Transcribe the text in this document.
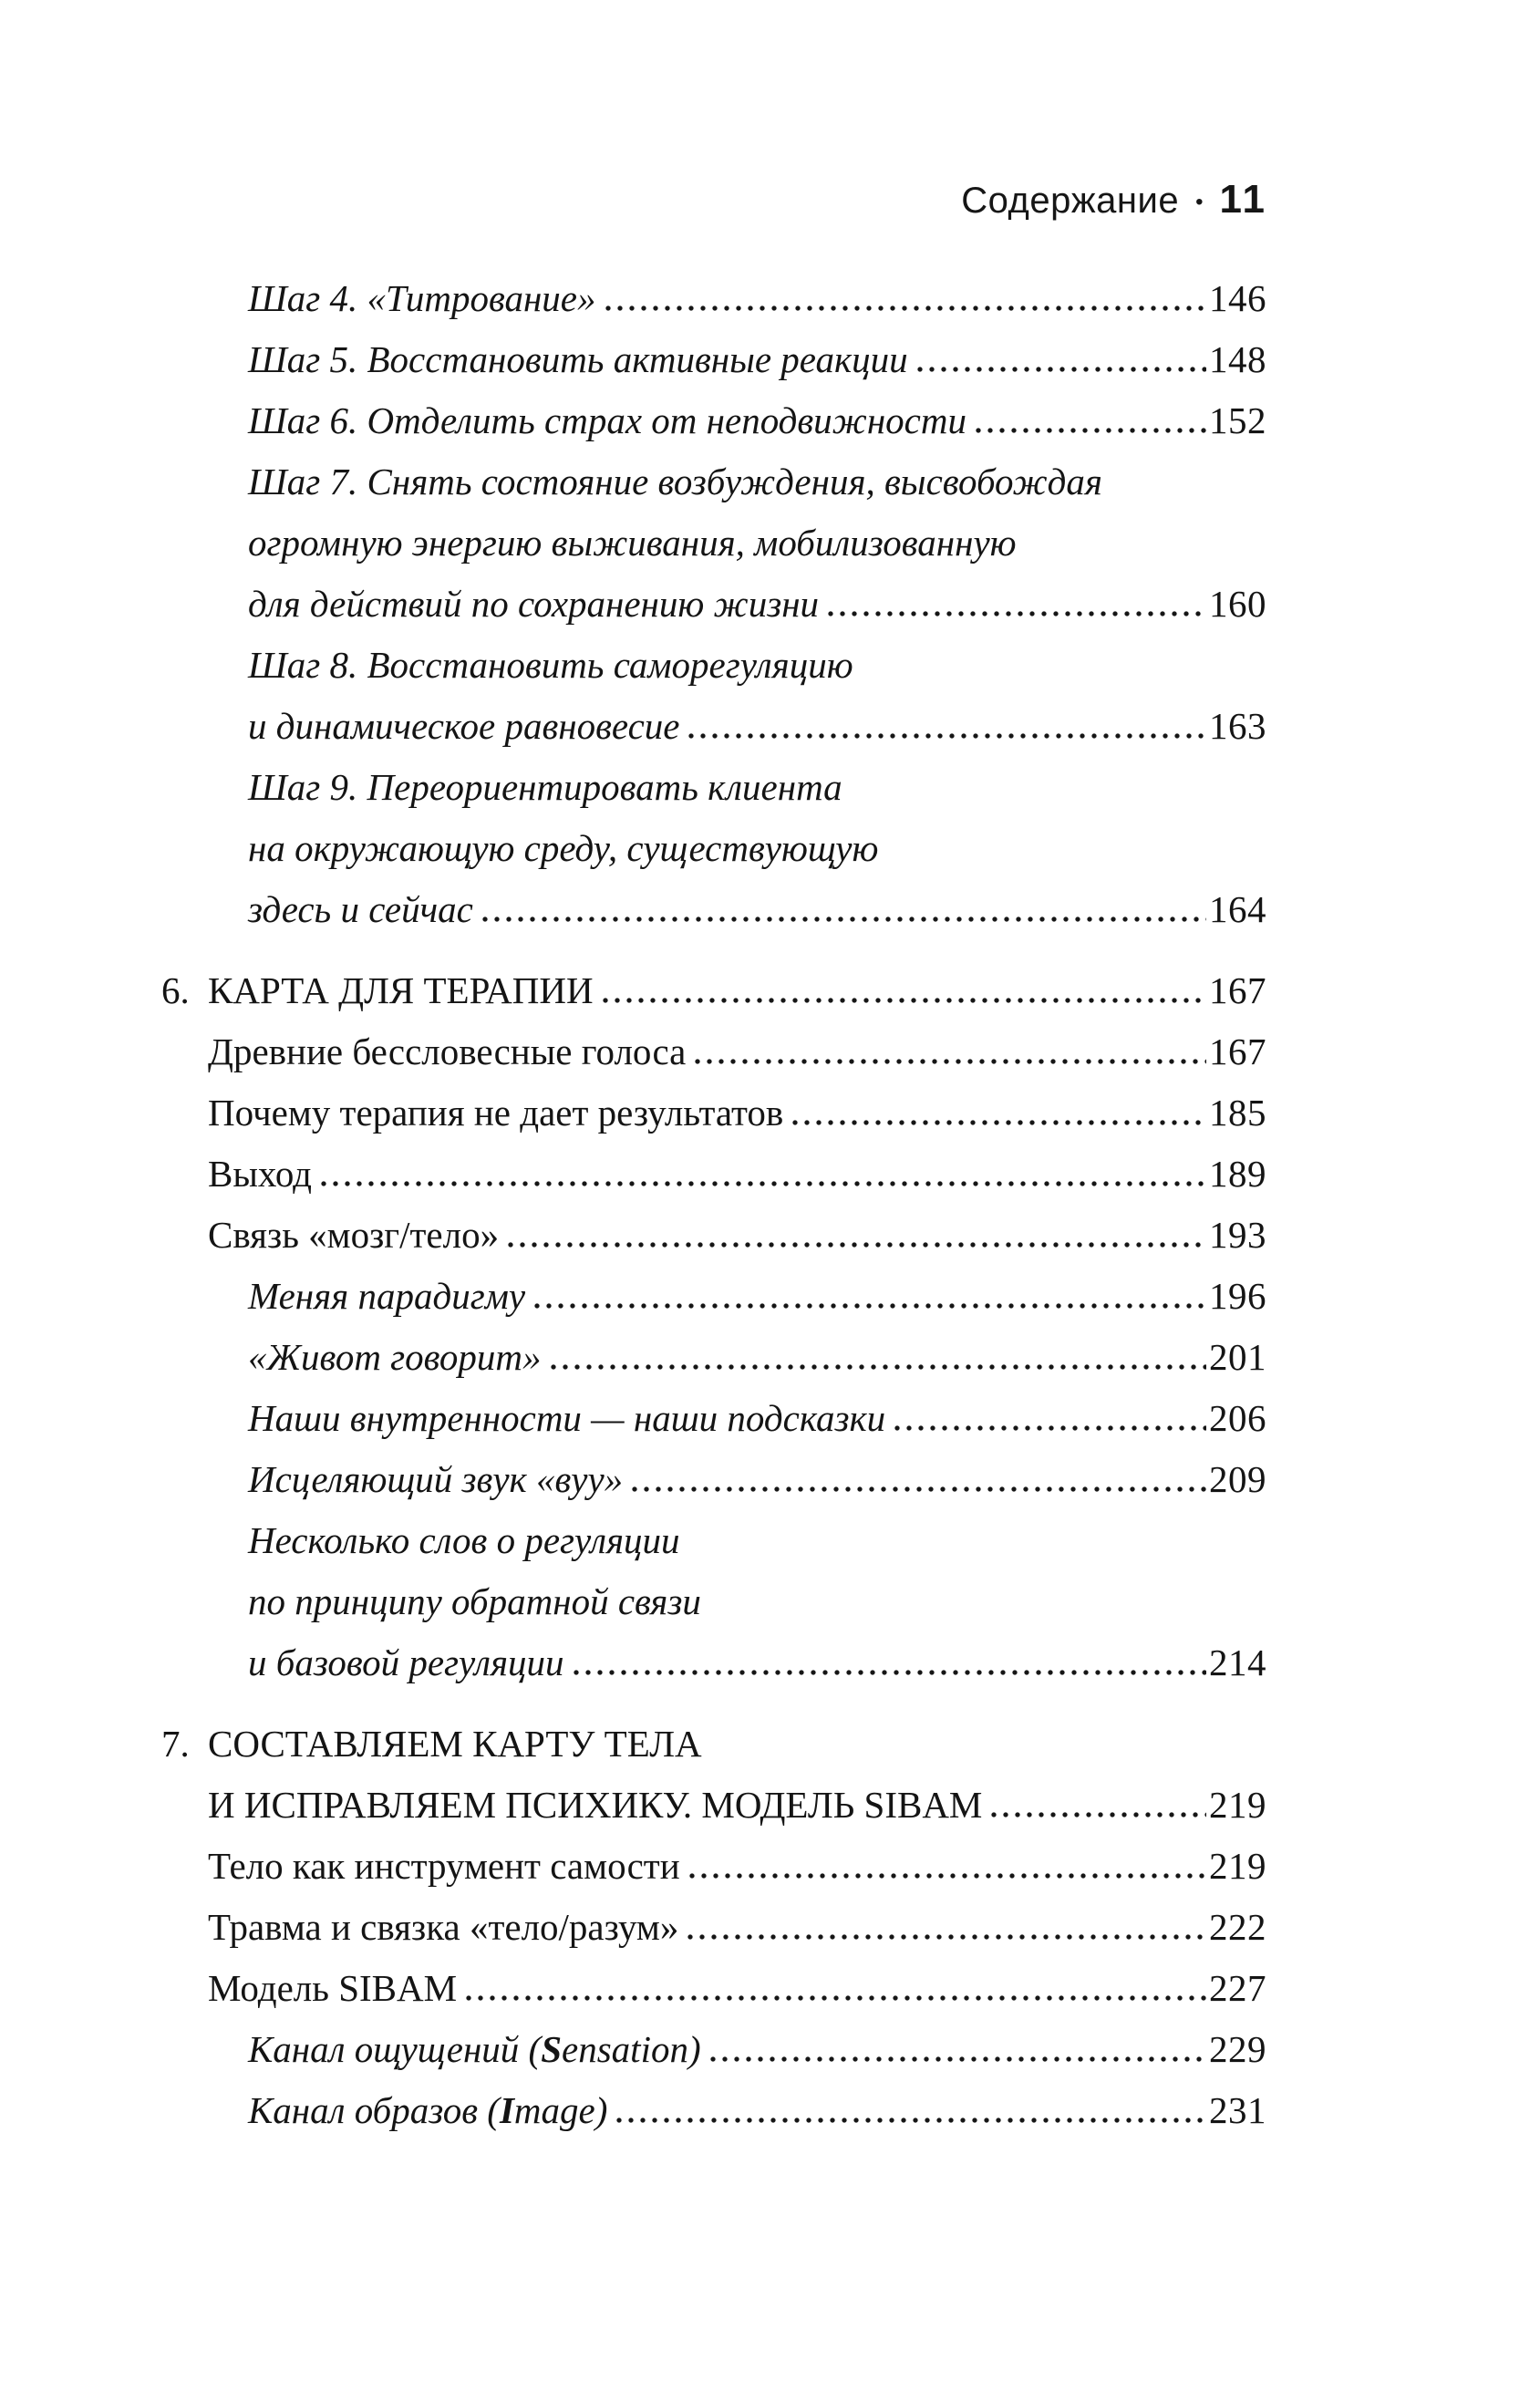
Содержание • 11
Шаг 4. «Титрование»	146
Шаг 5. Восстановить активные реакции	148
Шаг 6. Отделить страх от неподвижности	152
Шаг 7. Снять состояние возбуждения, высвобождая
огромную энергию выживания, мобилизованную
для действий по сохранению жизни	160
Шаг 8. Восстановить саморегуляцию
и динамическое равновесие	163
Шаг 9. Переориентировать клиента
на окружающую среду, существующую
здесь и сейчас	164
6. КАРТА ДЛЯ ТЕРАПИИ	167
Древние бессловесные голоса	167
Почему терапия не дает результатов	185
Выход	189
Связь «мозг/тело»	193
Меняя парадигму	196
«Живот говорит»	201
Наши внутренности — наши подсказки	206
Исцеляющий звук «вуу»	209
Несколько слов о регуляции
по принципу обратной связи
и базовой регуляции	214
7. СОСТАВЛЯЕМ КАРТУ ТЕЛА
И ИСПРАВЛЯЕМ ПСИХИКУ. МОДЕЛЬ SIBAM	219
Тело как инструмент самости	219
Травма и связка «тело/разум»	222
Модель SIBAM	227
Канал ощущений (Sensation)	229
Канал образов (Image)	231
